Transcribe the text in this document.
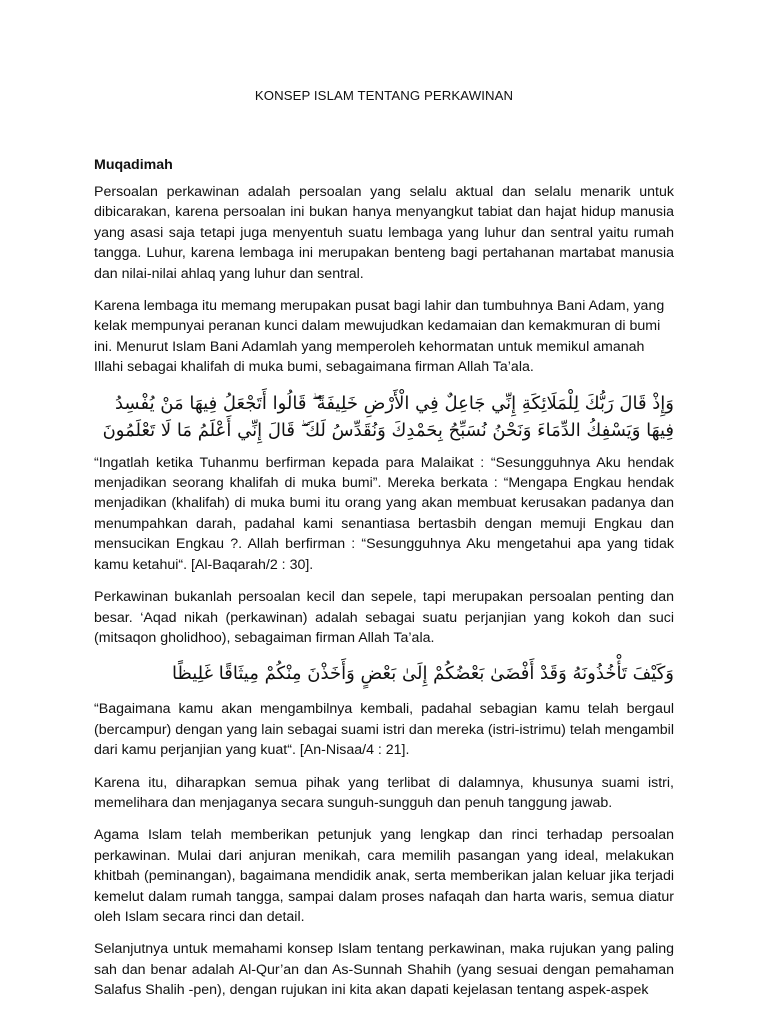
KONSEP ISLAM TENTANG PERKAWINAN
Muqadimah

Persoalan perkawinan adalah persoalan yang selalu aktual dan selalu menarik untuk dibicarakan, karena persoalan ini bukan hanya menyangkut tabiat dan hajat hidup manusia yang asasi saja tetapi juga menyentuh suatu lembaga yang luhur dan sentral yaitu rumah tangga. Luhur, karena lembaga ini merupakan benteng bagi pertahanan martabat manusia dan nilai-nilai ahlaq yang luhur dan sentral.

Karena lembaga itu memang merupakan pusat bagi lahir dan tumbuhnya Bani Adam, yang kelak mempunyai peranan kunci dalam mewujudkan kedamaian dan kemakmuran di bumi ini. Menurut Islam Bani Adamlah yang memperoleh kehormatan untuk memikul amanah Illahi sebagai khalifah di muka bumi, sebagaimana firman Allah Ta’ala.

وَإِذْ قَالَ رَبُّكَ لِلْمَلَائِكَةِ إِنِّي جَاعِلٌ فِي الْأَرْضِ خَلِيفَةً ۖ قَالُوا أَتَجْعَلُ فِيهَا مَنْ يُفْسِدُ فِيهَا وَيَسْفِكُ الدِّمَاءَ وَنَحْنُ نُسَبِّحُ بِحَمْدِكَ وَنُقَدِّسُ لَكَ ۖ قَالَ إِنِّي أَعْلَمُ مَا لَا تَعْلَمُونَ

“Ingatlah ketika Tuhanmu berfirman kepada para Malaikat : “Sesungguhnya Aku hendak menjadikan seorang khalifah di muka bumi”. Mereka berkata : “Mengapa Engkau hendak menjadikan (khalifah) di muka bumi itu orang yang akan membuat kerusakan padanya dan menumpahkan darah, padahal kami senantiasa bertasbih dengan memuji Engkau dan mensucikan Engkau ?. Allah berfirman : “Sesungguhnya Aku mengetahui apa yang tidak kamu ketahui“. [Al-Baqarah/2 : 30].

Perkawinan bukanlah persoalan kecil dan sepele, tapi merupakan persoalan penting dan besar. ‘Aqad nikah (perkawinan) adalah sebagai suatu perjanjian yang kokoh dan suci (mitsaqon gholidhoo), sebagaiman firman Allah Ta’ala.

وَكَيْفَ تَأْخُذُونَهُ وَقَدْ أَفْضَىٰ بَعْضُكُمْ إِلَىٰ بَعْضٍ وَأَخَذْنَ مِنْكُمْ مِيثَاقًا غَلِيظًا

“Bagaimana kamu akan mengambilnya kembali, padahal sebagian kamu telah bergaul (bercampur) dengan yang lain sebagai suami istri dan mereka (istri-istrimu) telah mengambil dari kamu perjanjian yang kuat“. [An-Nisaa/4 : 21].

Karena itu, diharapkan semua pihak yang terlibat di dalamnya, khusunya suami istri, memelihara dan menjaganya secara sunguh-sungguh dan penuh tanggung jawab.

Agama Islam telah memberikan petunjuk yang lengkap dan rinci terhadap persoalan perkawinan. Mulai dari anjuran menikah, cara memilih pasangan yang ideal, melakukan khitbah (peminangan), bagaimana mendidik anak, serta memberikan jalan keluar jika terjadi kemelut dalam rumah tangga, sampai dalam proses nafaqah dan harta waris, semua diatur oleh Islam secara rinci dan detail.

Selanjutnya untuk memahami konsep Islam tentang perkawinan, maka rujukan yang paling sah dan benar adalah Al-Qur’an dan As-Sunnah Shahih (yang sesuai dengan pemahaman Salafus Shalih -pen), dengan rujukan ini kita akan dapati kejelasan tentang aspek-aspek
